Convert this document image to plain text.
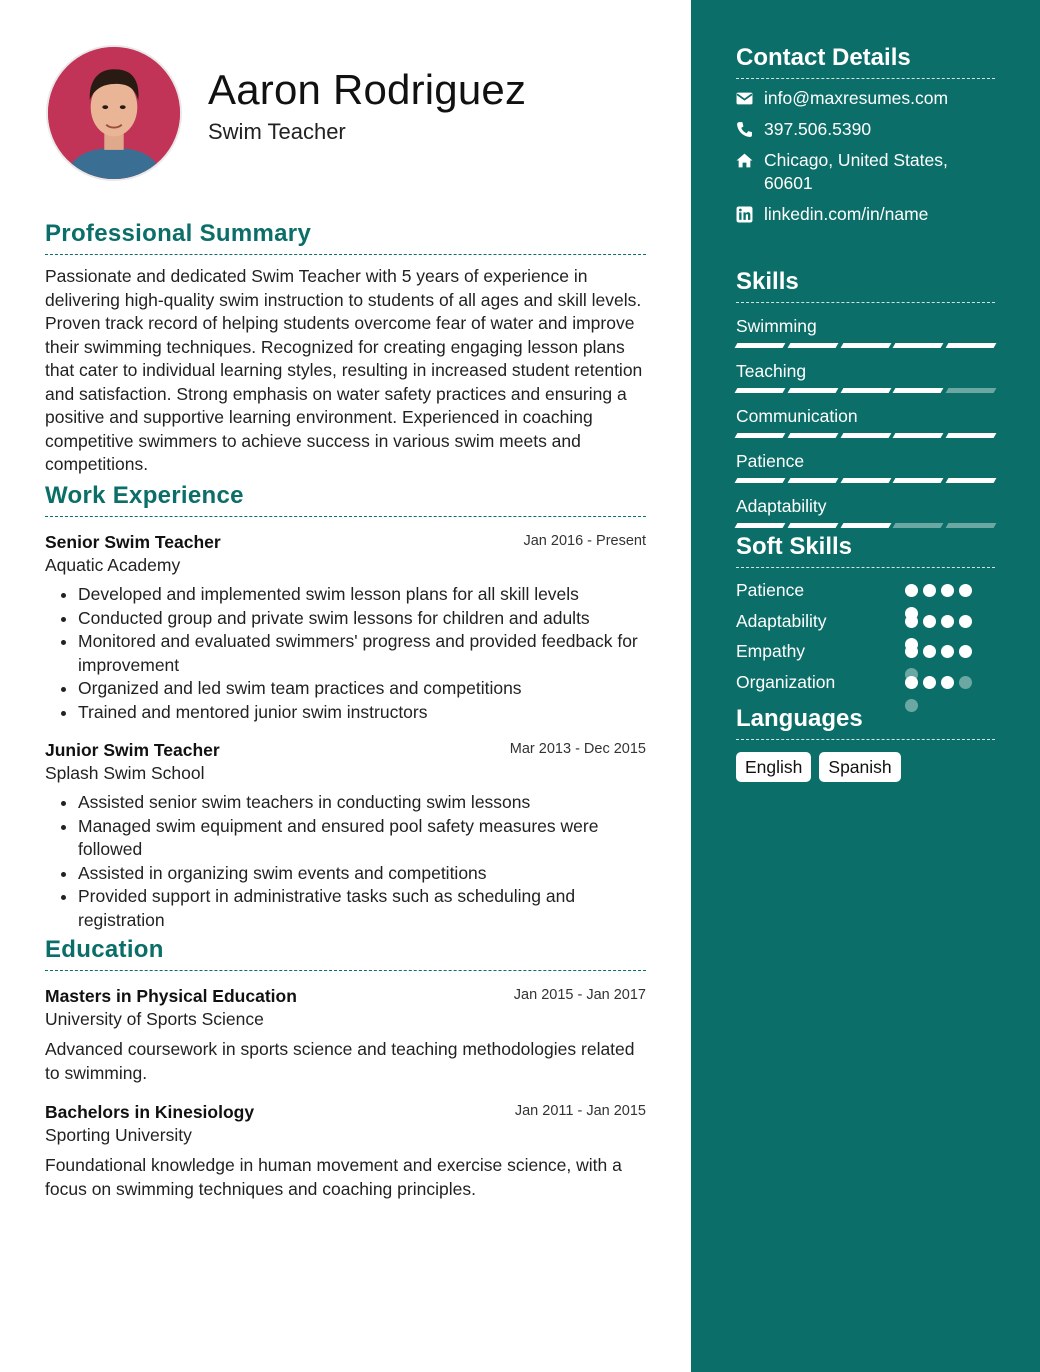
Aaron Rodriguez
Swim Teacher
Professional Summary

Passionate and dedicated Swim Teacher with 5 years of experience in delivering high-quality swim instruction to students of all ages and skill levels. Proven track record of helping students overcome fear of water and improve their swimming techniques. Recognized for creating engaging lesson plans that cater to individual learning styles, resulting in increased student retention and satisfaction. Strong emphasis on water safety practices and ensuring a positive and supportive learning environment. Experienced in coaching competitive swimmers to achieve success in various swim meets and competitions.

Work Experience
Senior Swim Teacher	Jan 2016 - Present
Aquatic Academy
• Developed and implemented swim lesson plans for all skill levels
• Conducted group and private swim lessons for children and adults
• Monitored and evaluated swimmers' progress and provided feedback for improvement
• Organized and led swim team practices and competitions
• Trained and mentored junior swim instructors
Junior Swim Teacher	Mar 2013 - Dec 2015
Splash Swim School
• Assisted senior swim teachers in conducting swim lessons
• Managed swim equipment and ensured pool safety measures were followed
• Assisted in organizing swim events and competitions
• Provided support in administrative tasks such as scheduling and registration
Education
Masters in Physical Education	Jan 2015 - Jan 2017
University of Sports Science

Advanced coursework in sports science and teaching methodologies related to swimming.

Bachelors in Kinesiology	Jan 2011 - Jan 2015
Sporting University

Foundational knowledge in human movement and exercise science, with a focus on swimming techniques and coaching principles.

Contact Details
info@maxresumes.com
397.506.5390
Chicago, United States, 60601
linkedin.com/in/name
Skills
Swimming
Teaching
Communication
Patience
Adaptability
Soft Skills
Patience
Adaptability
Empathy
Organization
Languages
English	Spanish
